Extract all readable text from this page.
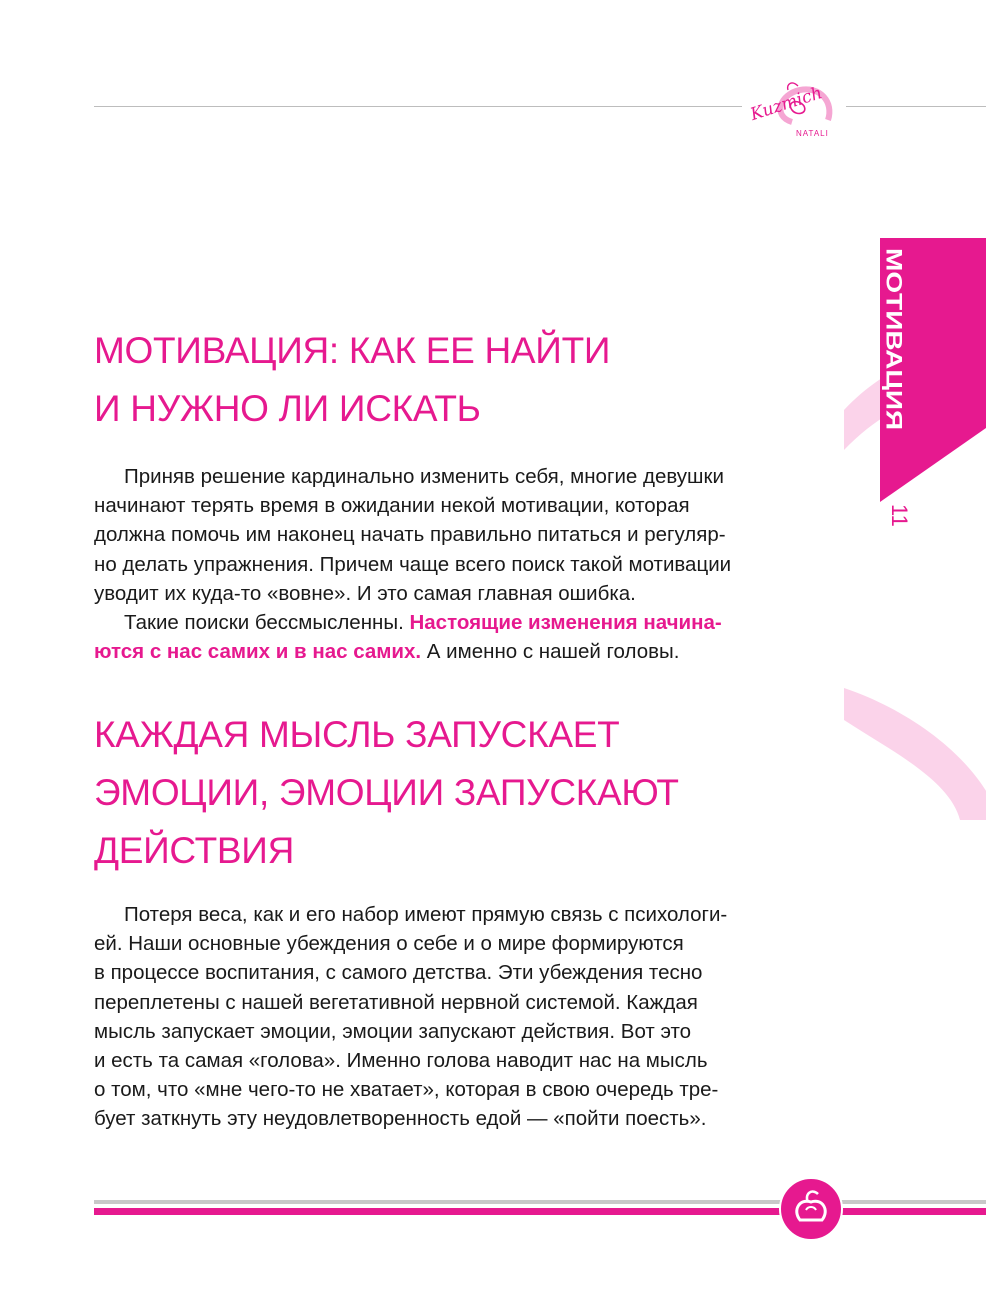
Kuzmich
NATALI
МОТИВАЦИЯ
11
МОТИВАЦИЯ: КАК ЕЕ НАЙТИ
И НУЖНО ЛИ ИСКАТЬ
Приняв решение кардинально изменить себя, многие девушки
начинают терять время в ожидании некой мотивации, которая
должна помочь им наконец начать правильно питаться и регуляр-
но делать упражнения. Причем чаще всего поиск такой мотивации
уводит их куда-то «вовне». И это самая главная ошибка.
Такие поиски бессмысленны. Настоящие изменения начина-
ются с нас самих и в нас самих. А именно с нашей головы.
КАЖДАЯ МЫСЛЬ ЗАПУСКАЕТ
ЭМОЦИИ, ЭМОЦИИ ЗАПУСКАЮТ
ДЕЙСТВИЯ
Потеря веса, как и его набор имеют прямую связь с психологи-
ей. Наши основные убеждения о себе и о мире формируются
в процессе воспитания, с самого детства. Эти убеждения тесно
переплетены с нашей вегетативной нервной системой. Каждая
мысль запускает эмоции, эмоции запускают действия. Вот это
и есть та самая «голова». Именно голова наводит нас на мысль
о том, что «мне чего-то не хватает», которая в свою очередь тре-
бует заткнуть эту неудовлетворенность едой — «пойти поесть».
